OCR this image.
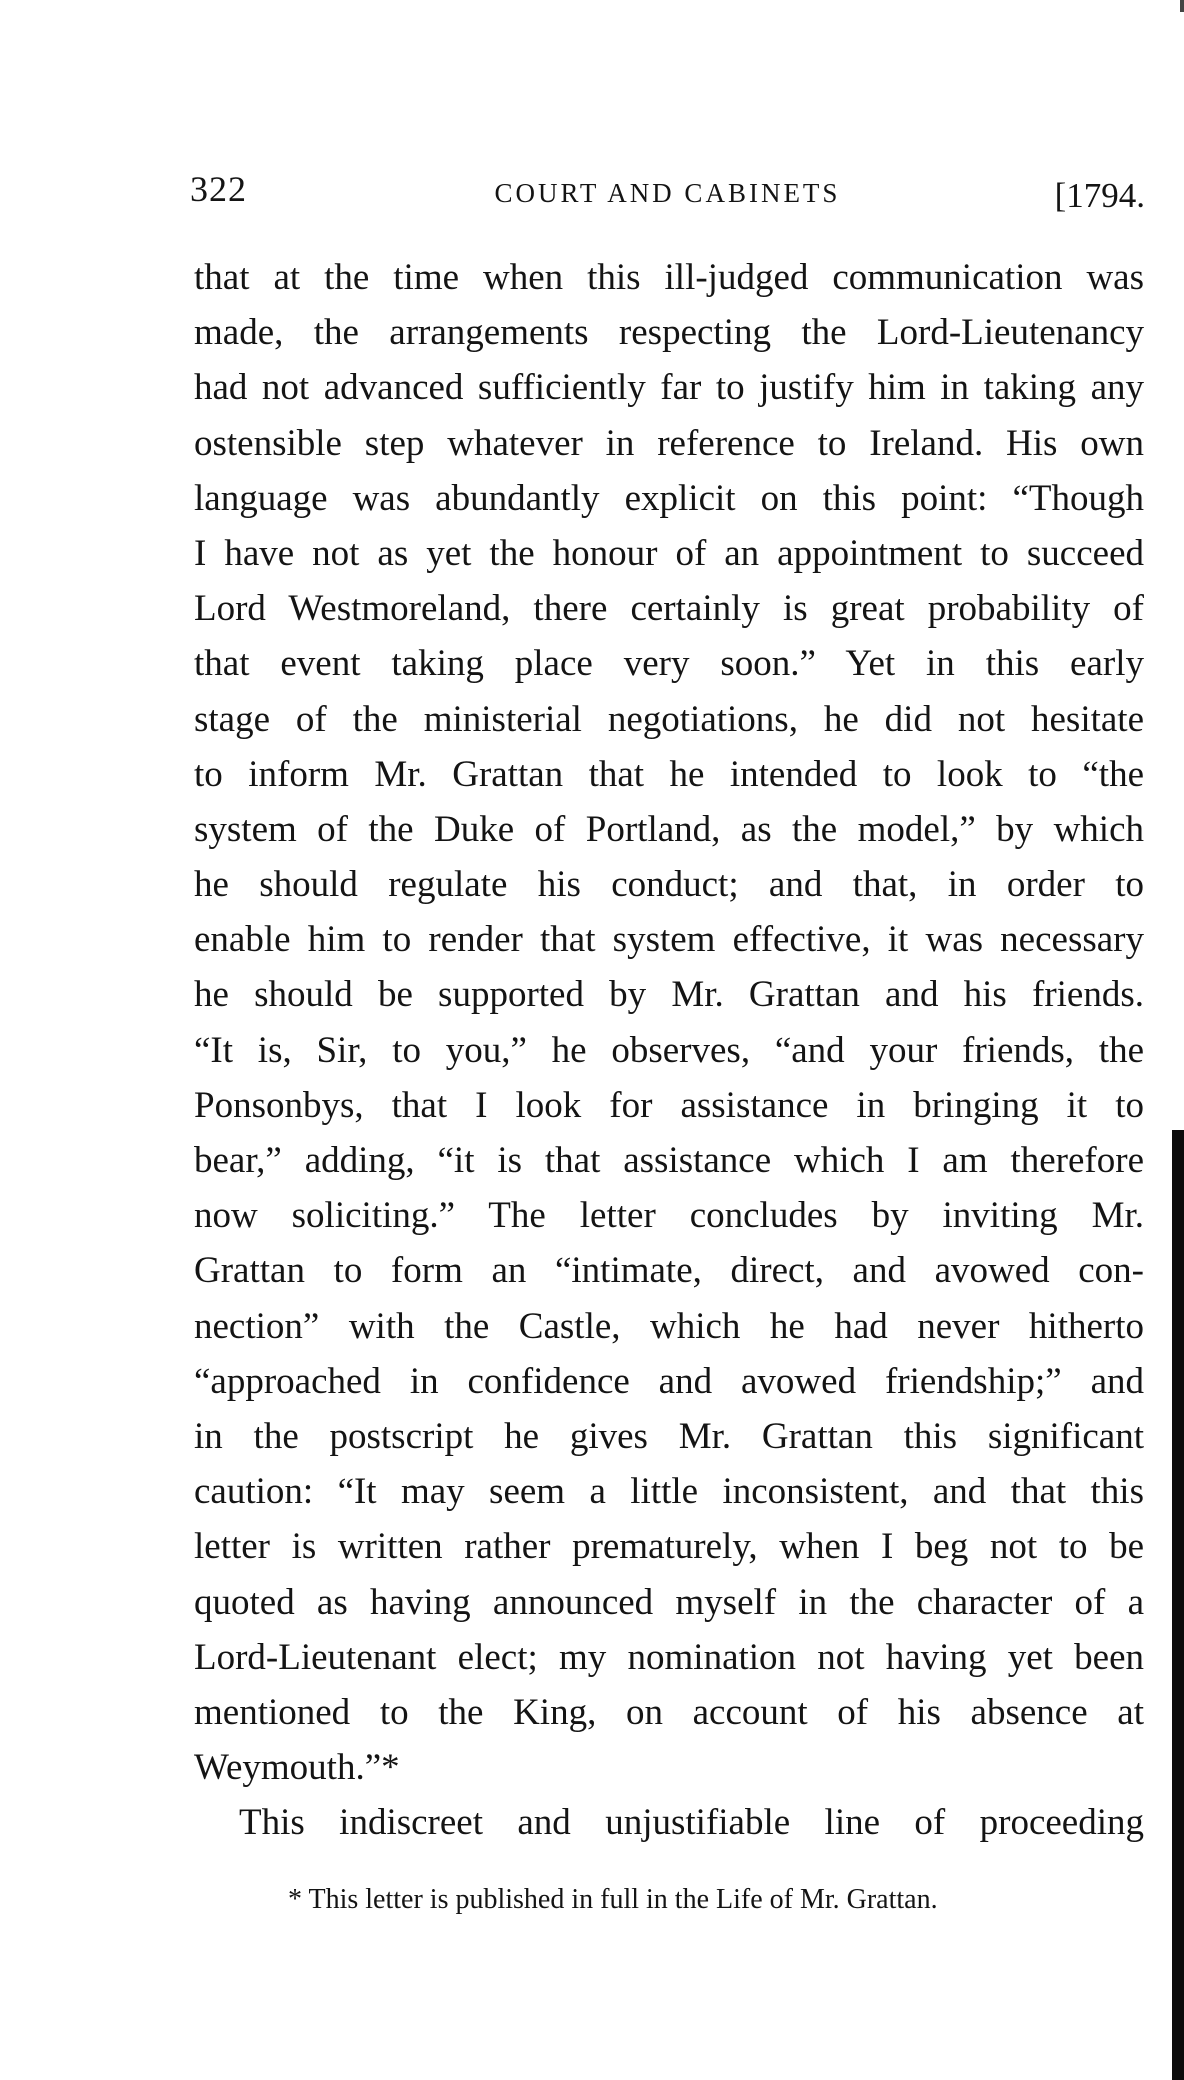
322	COURT AND CABINETS	[1794.
that at the time when this ill-judged communication was
made, the arrangements respecting the Lord-Lieutenancy
had not advanced sufficiently far to justify him in taking any
ostensible step whatever in reference to Ireland. His own
language was abundantly explicit on this point: “Though
I have not as yet the honour of an appointment to succeed
Lord Westmoreland, there certainly is great probability of
that event taking place very soon.” Yet in this early
stage of the ministerial negotiations, he did not hesitate
to inform Mr. Grattan that he intended to look to “the
system of the Duke of Portland, as the model,” by which
he should regulate his conduct; and that, in order to
enable him to render that system effective, it was necessary
he should be supported by Mr. Grattan and his friends.
“It is, Sir, to you,” he observes, “and your friends, the
Ponsonbys, that I look for assistance in bringing it to
bear,” adding, “it is that assistance which I am therefore
now soliciting.” The letter concludes by inviting Mr.
Grattan to form an “intimate, direct, and avowed con-
nection” with the Castle, which he had never hitherto
“approached in confidence and avowed friendship;” and
in the postscript he gives Mr. Grattan this significant
caution: “It may seem a little inconsistent, and that this
letter is written rather prematurely, when I beg not to be
quoted as having announced myself in the character of a
Lord-Lieutenant elect; my nomination not having yet been
mentioned to the King, on account of his absence at
Weymouth.”*
This indiscreet and unjustifiable line of proceeding
* This letter is published in full in the Life of Mr. Grattan.
